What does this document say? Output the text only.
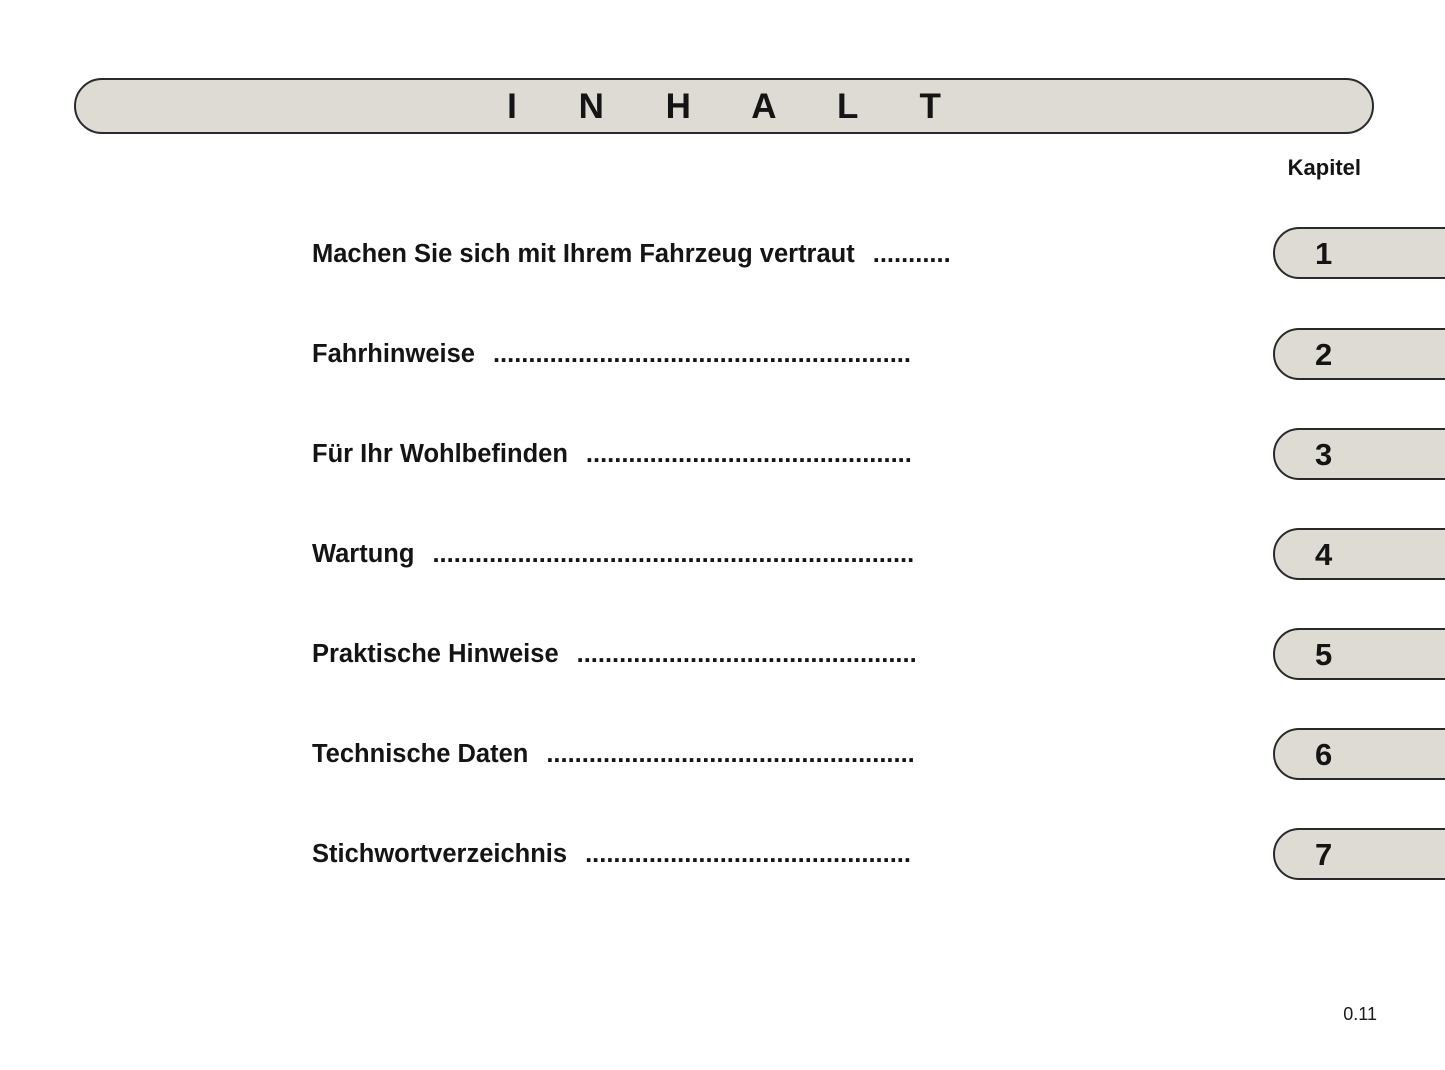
I N H A L T
Kapitel
Machen Sie sich mit Ihrem Fahrzeug vertraut ...........	1
Fahrhinweise ...........................................................	2
Für Ihr Wohlbefinden ..............................................	3
Wartung ....................................................................	4
Praktische Hinweise ................................................	5
Technische Daten ....................................................	6
Stichwortverzeichnis ..............................................	7
0.11
